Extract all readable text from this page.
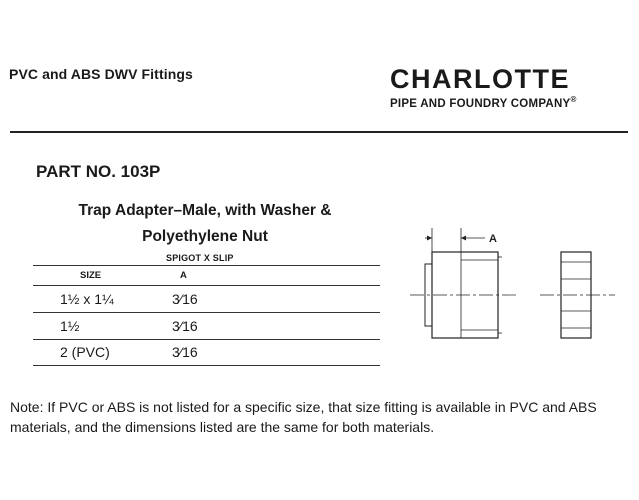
PVC and ABS DWV Fittings	CHARLOTTE
PIPE AND FOUNDRY COMPANY®
PART NO. 103P
Trap Adapter–Male, with Washer &
Polyethylene Nut
SPIGOT X SLIP
SIZE	A
1½ x 1¼	3⁄16
1½	3⁄16
2 (PVC)	3⁄16
A
Note: If PVC or ABS is not listed for a specific size, that size fitting is available in PVC and ABS materials, and the dimensions listed are the same for both materials.
